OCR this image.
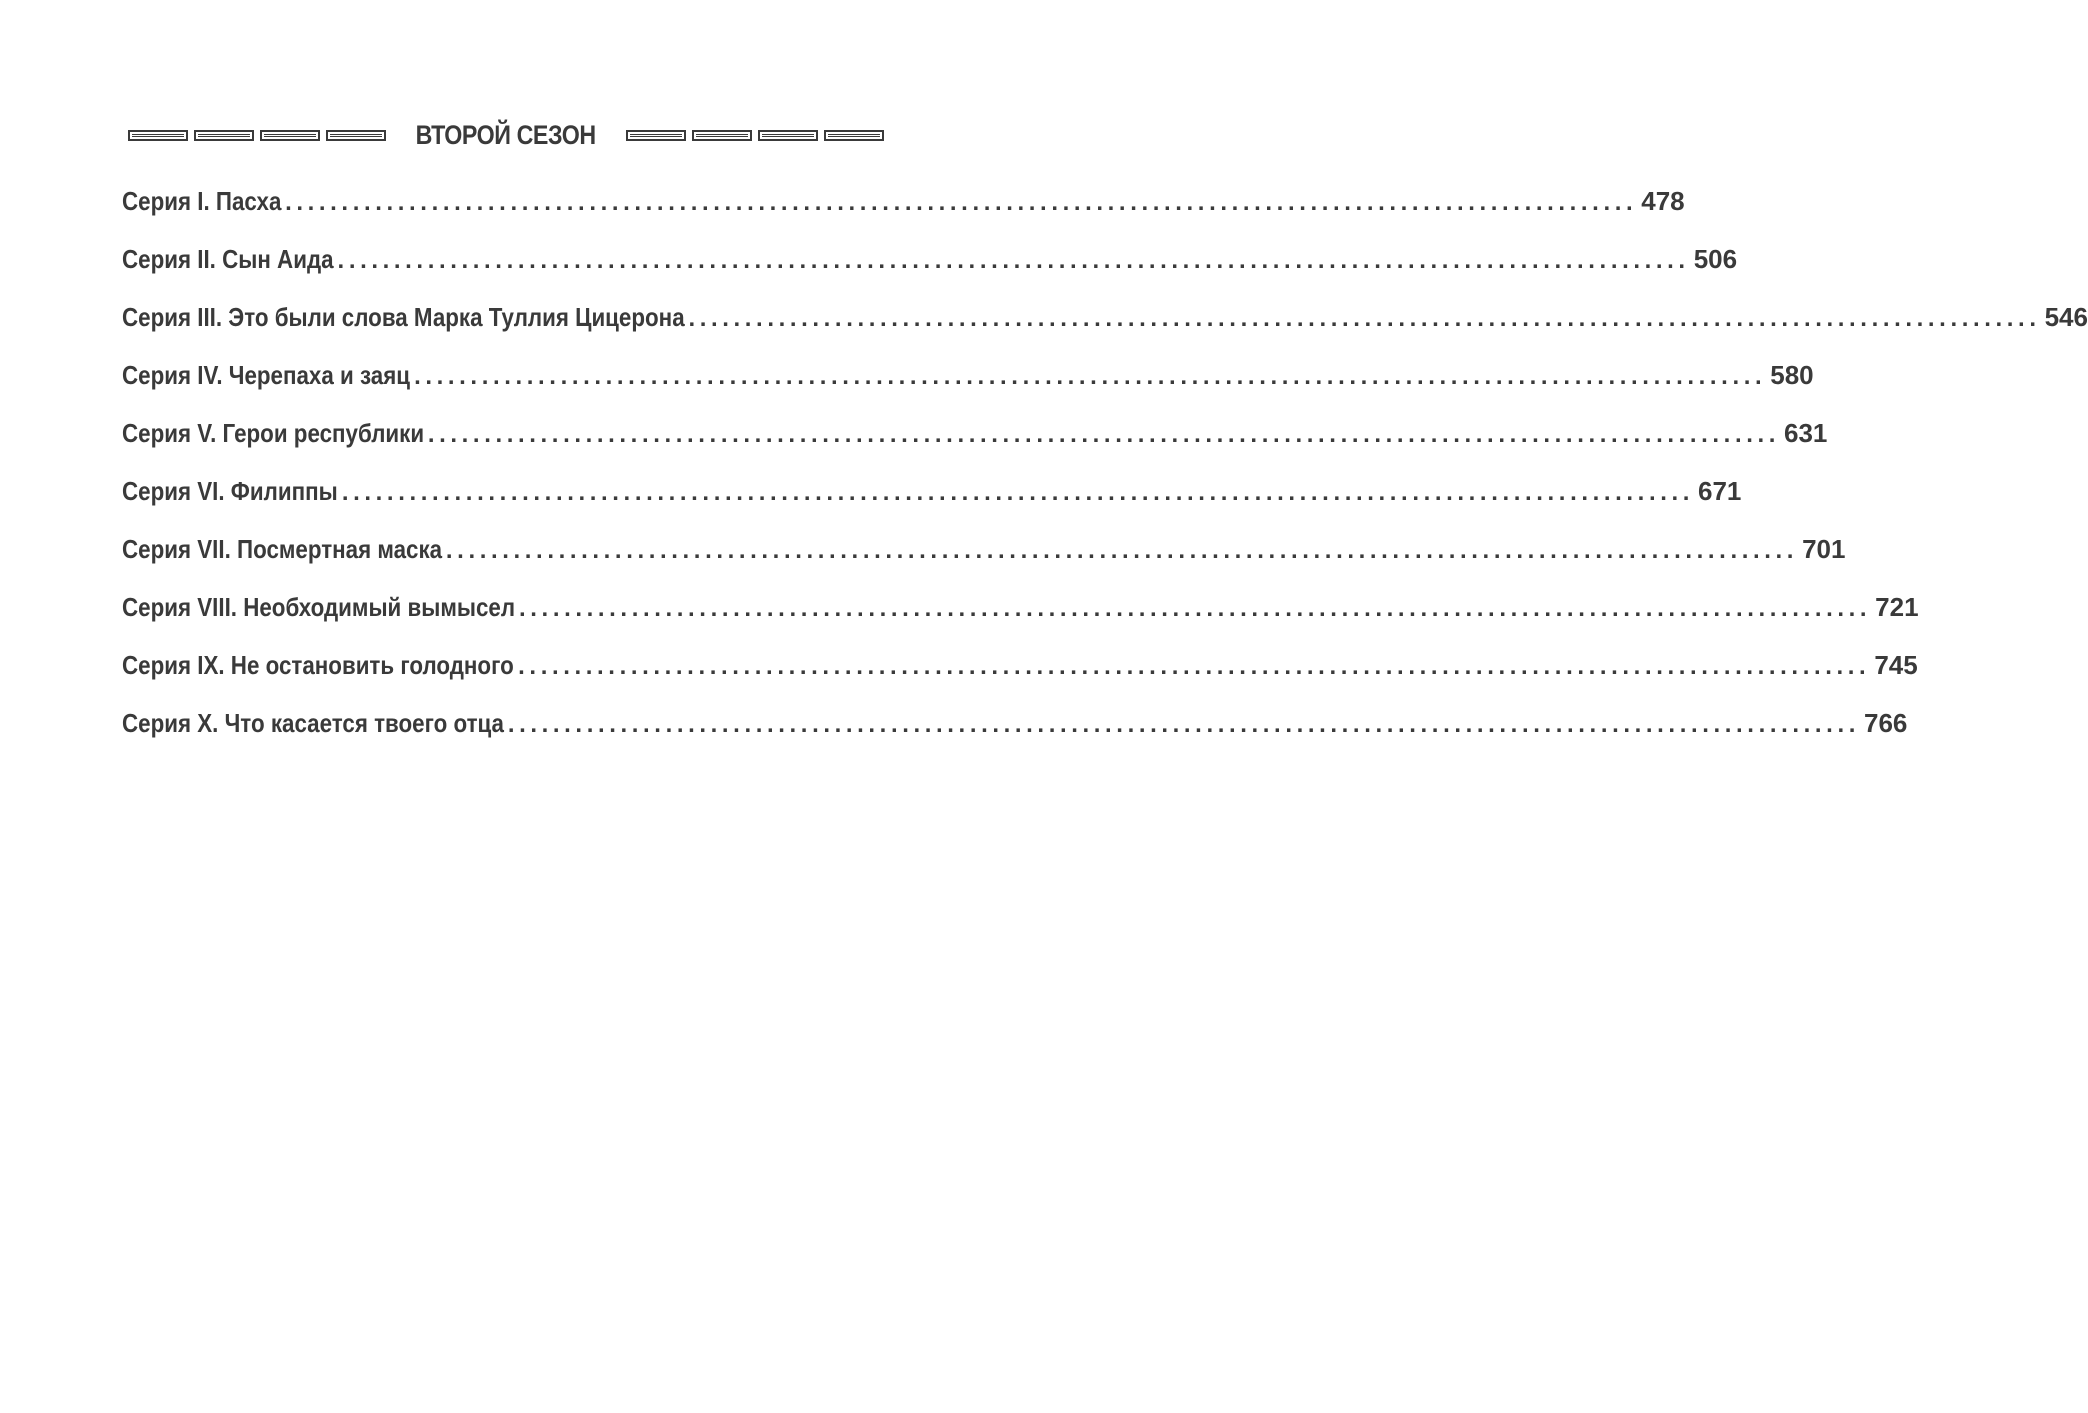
ВТОРОЙ СЕЗОН
Серия I. Пасха ........................................................................................................................ 478
Серия II. Сын Аида ........................................................................................................................ 506
Серия III. Это были слова Марка Туллия Цицерона ........................................................................................................................ 546
Серия IV. Черепаха и заяц ........................................................................................................................ 580
Серия V. Герои республики ........................................................................................................................ 631
Серия VI. Филиппы ........................................................................................................................ 671
Серия VII. Посмертная маска ........................................................................................................................ 701
Серия VIII. Необходимый вымысел ........................................................................................................................ 721
Серия IX. Не остановить голодного ........................................................................................................................ 745
Серия X. Что касается твоего отца ........................................................................................................................ 766
